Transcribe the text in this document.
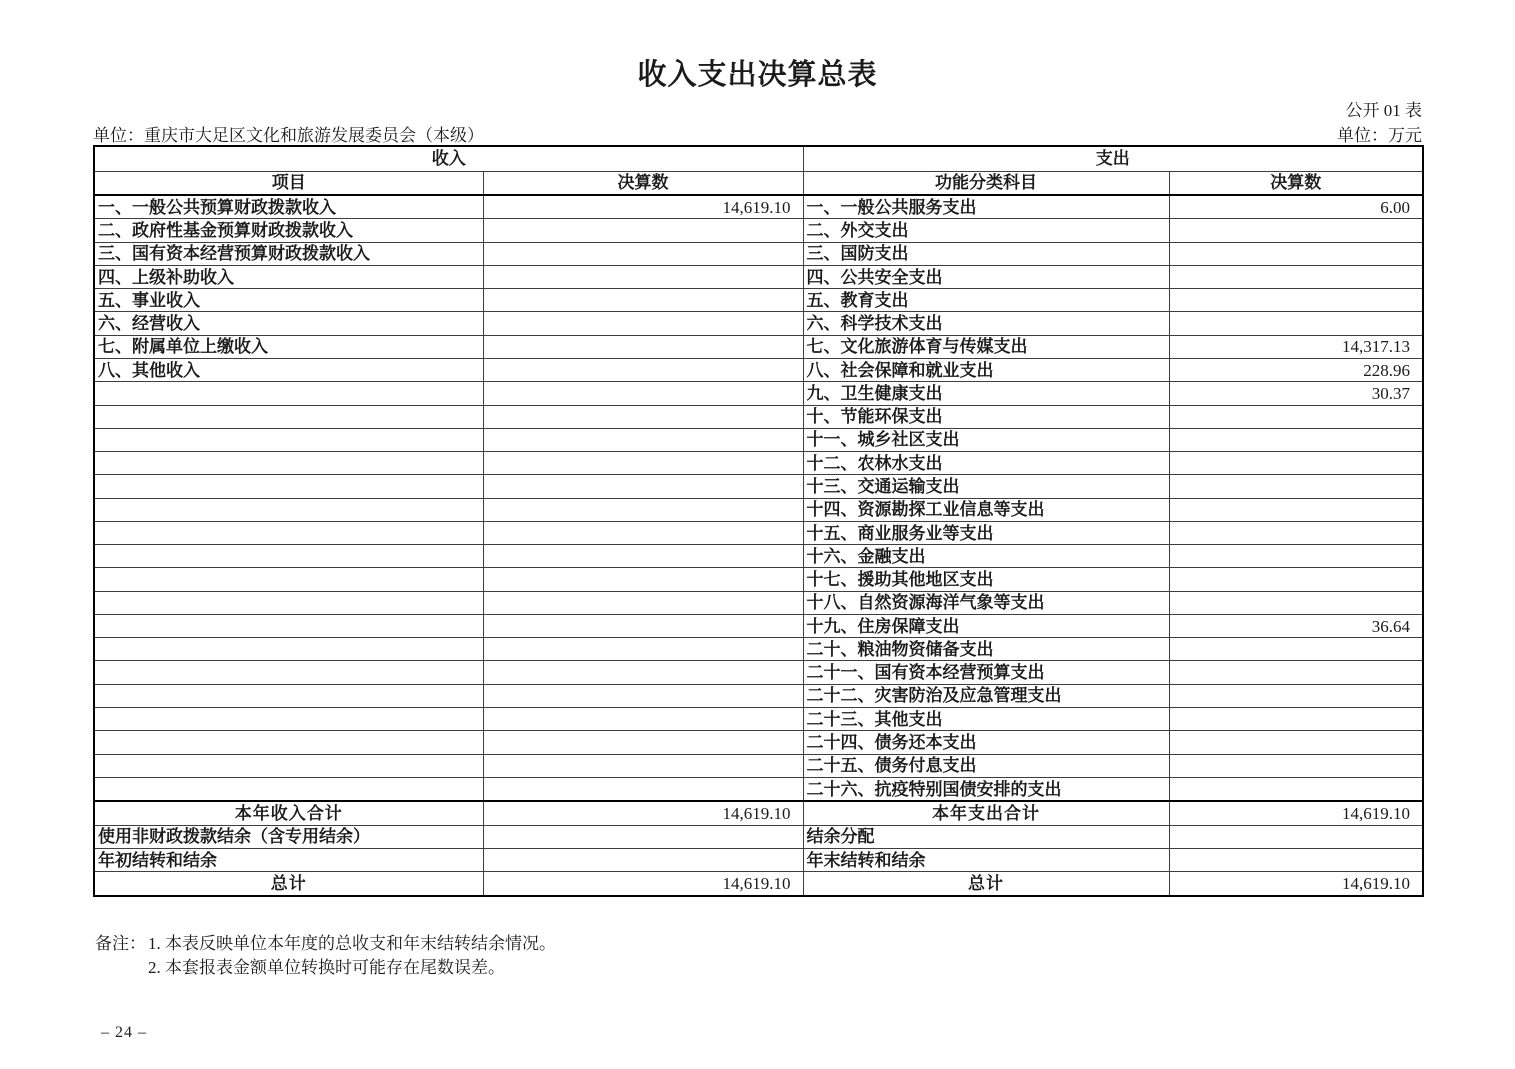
收入支出决算总表
公开 01 表
单位：重庆市大足区文化和旅游发展委员会（本级）	单位：万元
收入		支出	
项目	决算数	功能分类科目	决算数
一、一般公共预算财政拨款收入	14,619.10	一、一般公共服务支出	6.00
二、政府性基金预算财政拨款收入		二、外交支出	
三、国有资本经营预算财政拨款收入		三、国防支出	
四、上级补助收入		四、公共安全支出	
五、事业收入		五、教育支出	
六、经营收入		六、科学技术支出	
七、附属单位上缴收入		七、文化旅游体育与传媒支出	14,317.13
八、其他收入		八、社会保障和就业支出	228.96
		九、卫生健康支出	30.37
		十、节能环保支出	
		十一、城乡社区支出	
		十二、农林水支出	
		十三、交通运输支出	
		十四、资源勘探工业信息等支出	
		十五、商业服务业等支出	
		十六、金融支出	
		十七、援助其他地区支出	
		十八、自然资源海洋气象等支出	
		十九、住房保障支出	36.64
		二十、粮油物资储备支出	
		二十一、国有资本经营预算支出	
		二十二、灾害防治及应急管理支出	
		二十三、其他支出	
		二十四、债务还本支出	
		二十五、债务付息支出	
		二十六、抗疫特别国债安排的支出	
本年收入合计	14,619.10	本年支出合计	14,619.10
使用非财政拨款结余（含专用结余）		结余分配	
年初结转和结余		年末结转和结余	
总计	14,619.10	总计	14,619.10
备注： 1. 本表反映单位本年度的总收支和年末结转结余情况。
2. 本套报表金额单位转换时可能存在尾数误差。
– 24 –
